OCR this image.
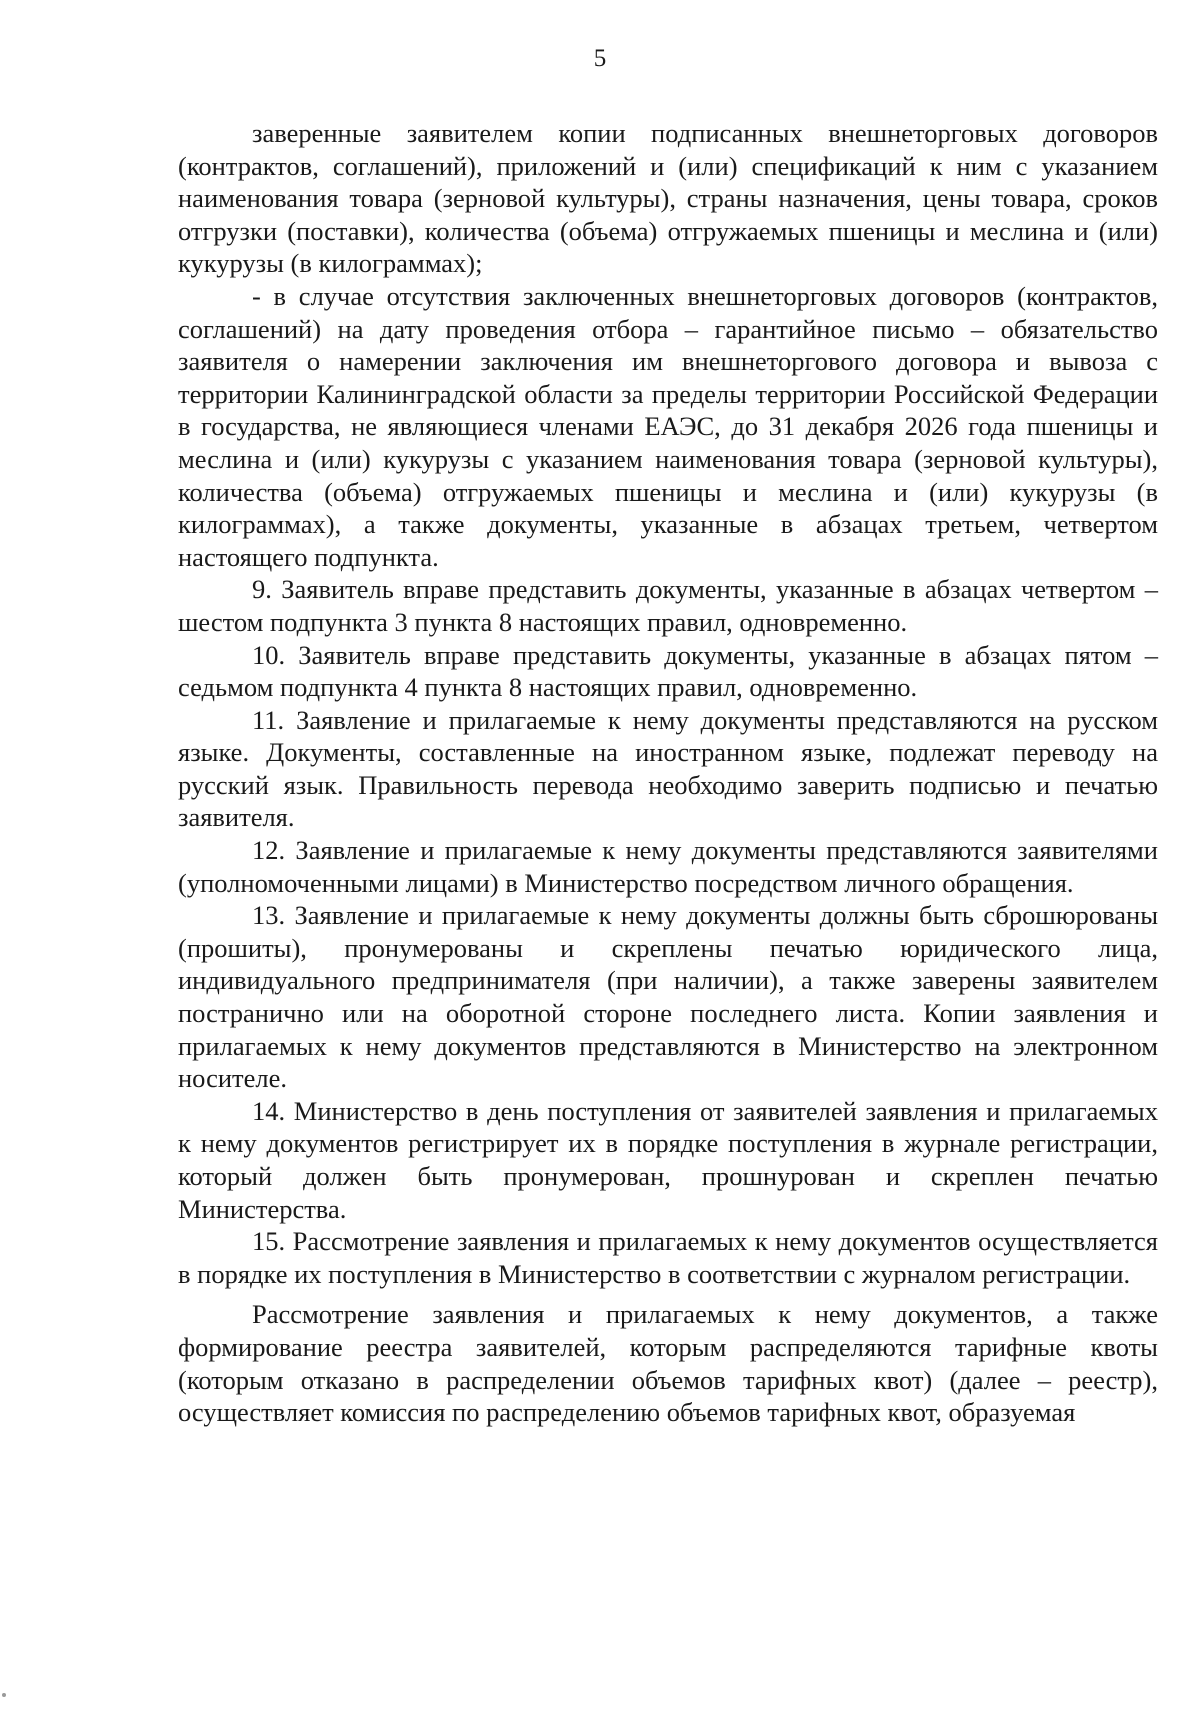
5

заверенные заявителем копии подписанных внешнеторговых договоров (контрактов, соглашений), приложений и (или) спецификаций к ним с указанием наименования товара (зерновой культуры), страны назначения, цены товара, сроков отгрузки (поставки), количества (объема) отгружаемых пшеницы и меслина и (или) кукурузы (в килограммах);

- в случае отсутствия заключенных внешнеторговых договоров (контрактов, соглашений) на дату проведения отбора – гарантийное письмо – обязательство заявителя о намерении заключения им внешнеторгового договора и вывоза с территории Калининградской области за пределы территории Российской Федерации в государства, не являющиеся членами ЕАЭС, до 31 декабря 2026 года пшеницы и меслина и (или) кукурузы с указанием наименования товара (зерновой культуры), количества (объема) отгружаемых пшеницы и меслина и (или) кукурузы (в килограммах), а также документы, указанные в абзацах третьем, четвертом настоящего подпункта.

9. Заявитель вправе представить документы, указанные в абзацах четвертом – шестом подпункта 3 пункта 8 настоящих правил, одновременно.

10. Заявитель вправе представить документы, указанные в абзацах пятом – седьмом подпункта 4 пункта 8 настоящих правил, одновременно.

11. Заявление и прилагаемые к нему документы представляются на русском языке. Документы, составленные на иностранном языке, подлежат переводу на русский язык. Правильность перевода необходимо заверить подписью и печатью заявителя.

12. Заявление и прилагаемые к нему документы представляются заявителями (уполномоченными лицами) в Министерство посредством личного обращения.

13. Заявление и прилагаемые к нему документы должны быть сброшюрованы (прошиты), пронумерованы и скреплены печатью юридического лица, индивидуального предпринимателя (при наличии), а также заверены заявителем постранично или на оборотной стороне последнего листа. Копии заявления и прилагаемых к нему документов представляются в Министерство на электронном носителе.

14. Министерство в день поступления от заявителей заявления и прилагаемых к нему документов регистрирует их в порядке поступления в журнале регистрации, который должен быть пронумерован, прошнурован и скреплен печатью Министерства.

15. Рассмотрение заявления и прилагаемых к нему документов осуществляется в порядке их поступления в Министерство в соответствии с журналом регистрации.

Рассмотрение заявления и прилагаемых к нему документов, а также формирование реестра заявителей, которым распределяются тарифные квоты (которым отказано в распределении объемов тарифных квот) (далее – реестр), осуществляет комиссия по распределению объемов тарифных квот, образуемая
